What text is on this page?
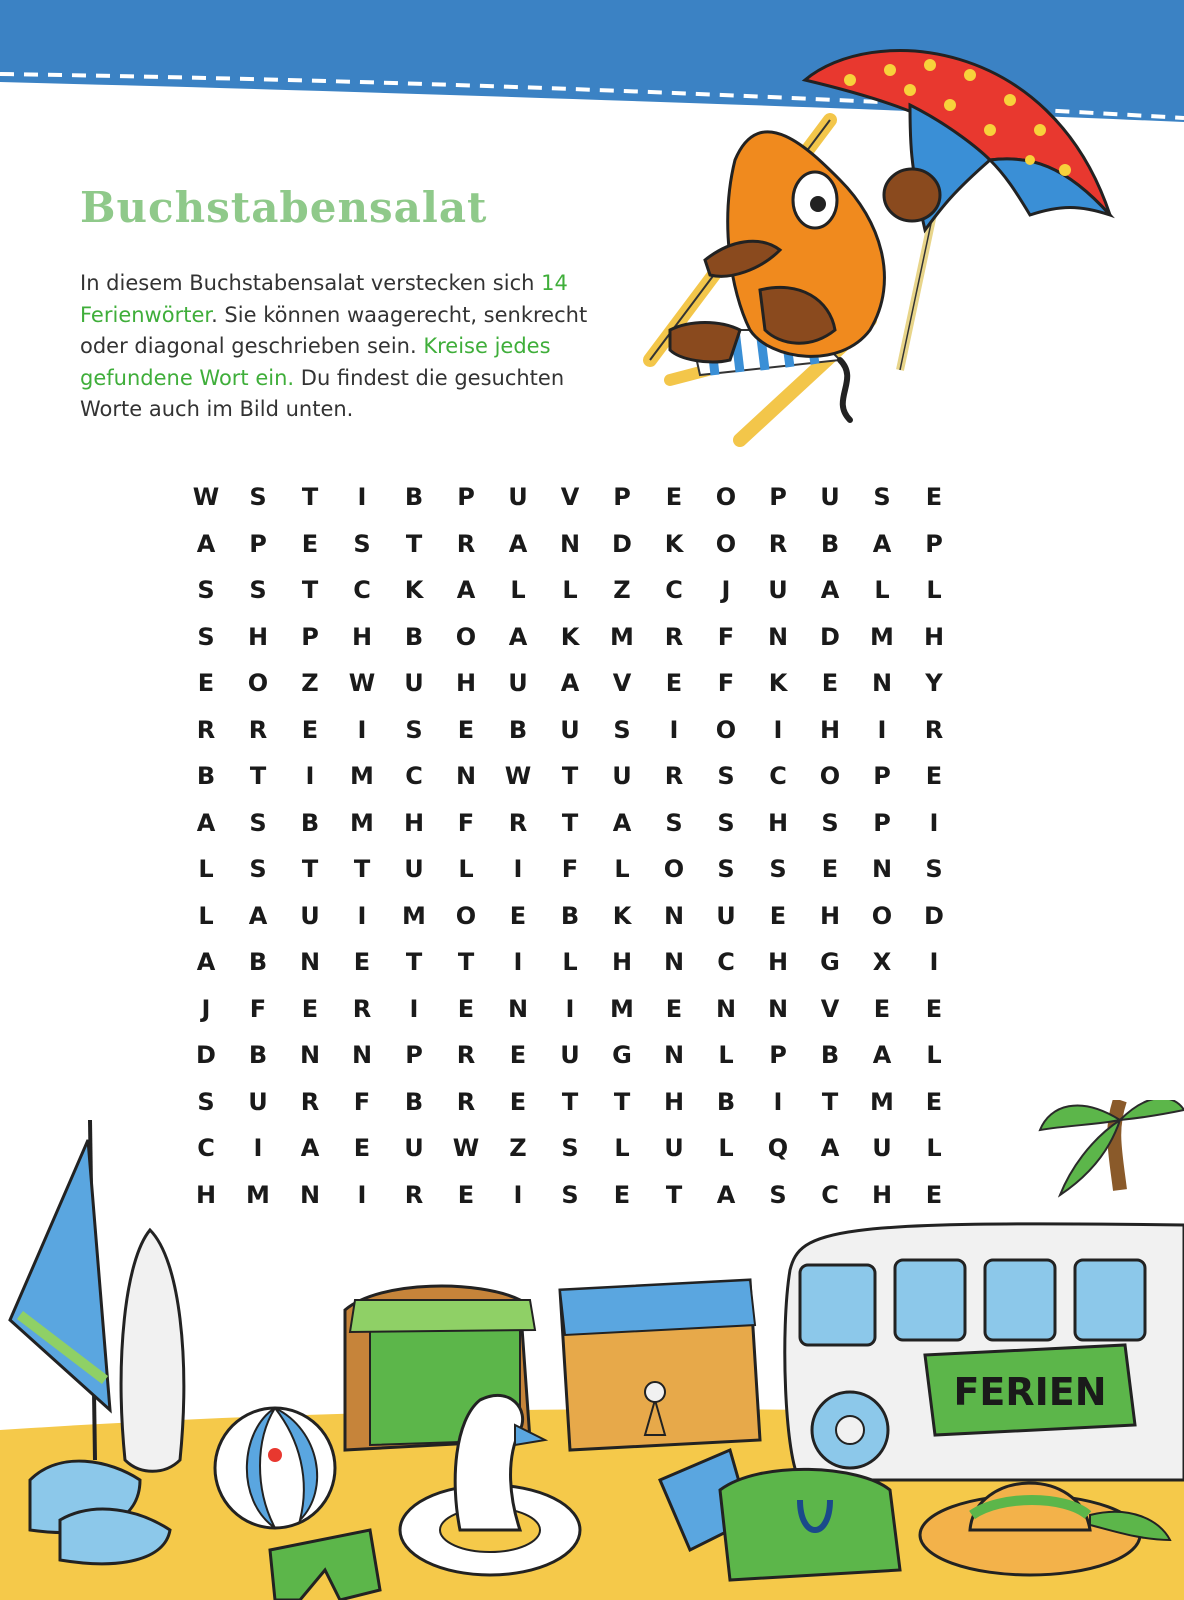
Buchstabensalat

In diesem Buchstabensalat verstecken sich 14 Ferienwörter. Sie können waagerecht, senkrecht oder diagonal geschrieben sein. Kreise jedes gefundene Wort ein. Du findest die gesuchten Worte auch im Bild unten.

W	S	T	I	B	P	U	V	P	E	O	P	U	S	E
A	P	E	S	T	R	A	N	D	K	O	R	B	A	P
S	S	T	C	K	A	L	L	Z	C	J	U	A	L	L
S	H	P	H	B	O	A	K	M	R	F	N	D	M	H
E	O	Z	W	U	H	U	A	V	E	F	K	E	N	Y
R	R	E	I	S	E	B	U	S	I	O	I	H	I	R
B	T	I	M	C	N	W	T	U	R	S	C	O	P	E
A	S	B	M	H	F	R	T	A	S	S	H	S	P	I
L	S	T	T	U	L	I	F	L	O	S	S	E	N	S
L	A	U	I	M	O	E	B	K	N	U	E	H	O	D
A	B	N	E	T	T	I	L	H	N	C	H	G	X	I
J	F	E	R	I	E	N	I	M	E	N	N	V	E	E
D	B	N	N	P	R	E	U	G	N	L	P	B	A	L
S	U	R	F	B	R	E	T	T	H	B	I	T	M	E
C	I	A	E	U	W	Z	S	L	U	L	Q	A	U	L
H	M	N	I	R	E	I	S	E	T	A	S	C	H	E
FERIEN
